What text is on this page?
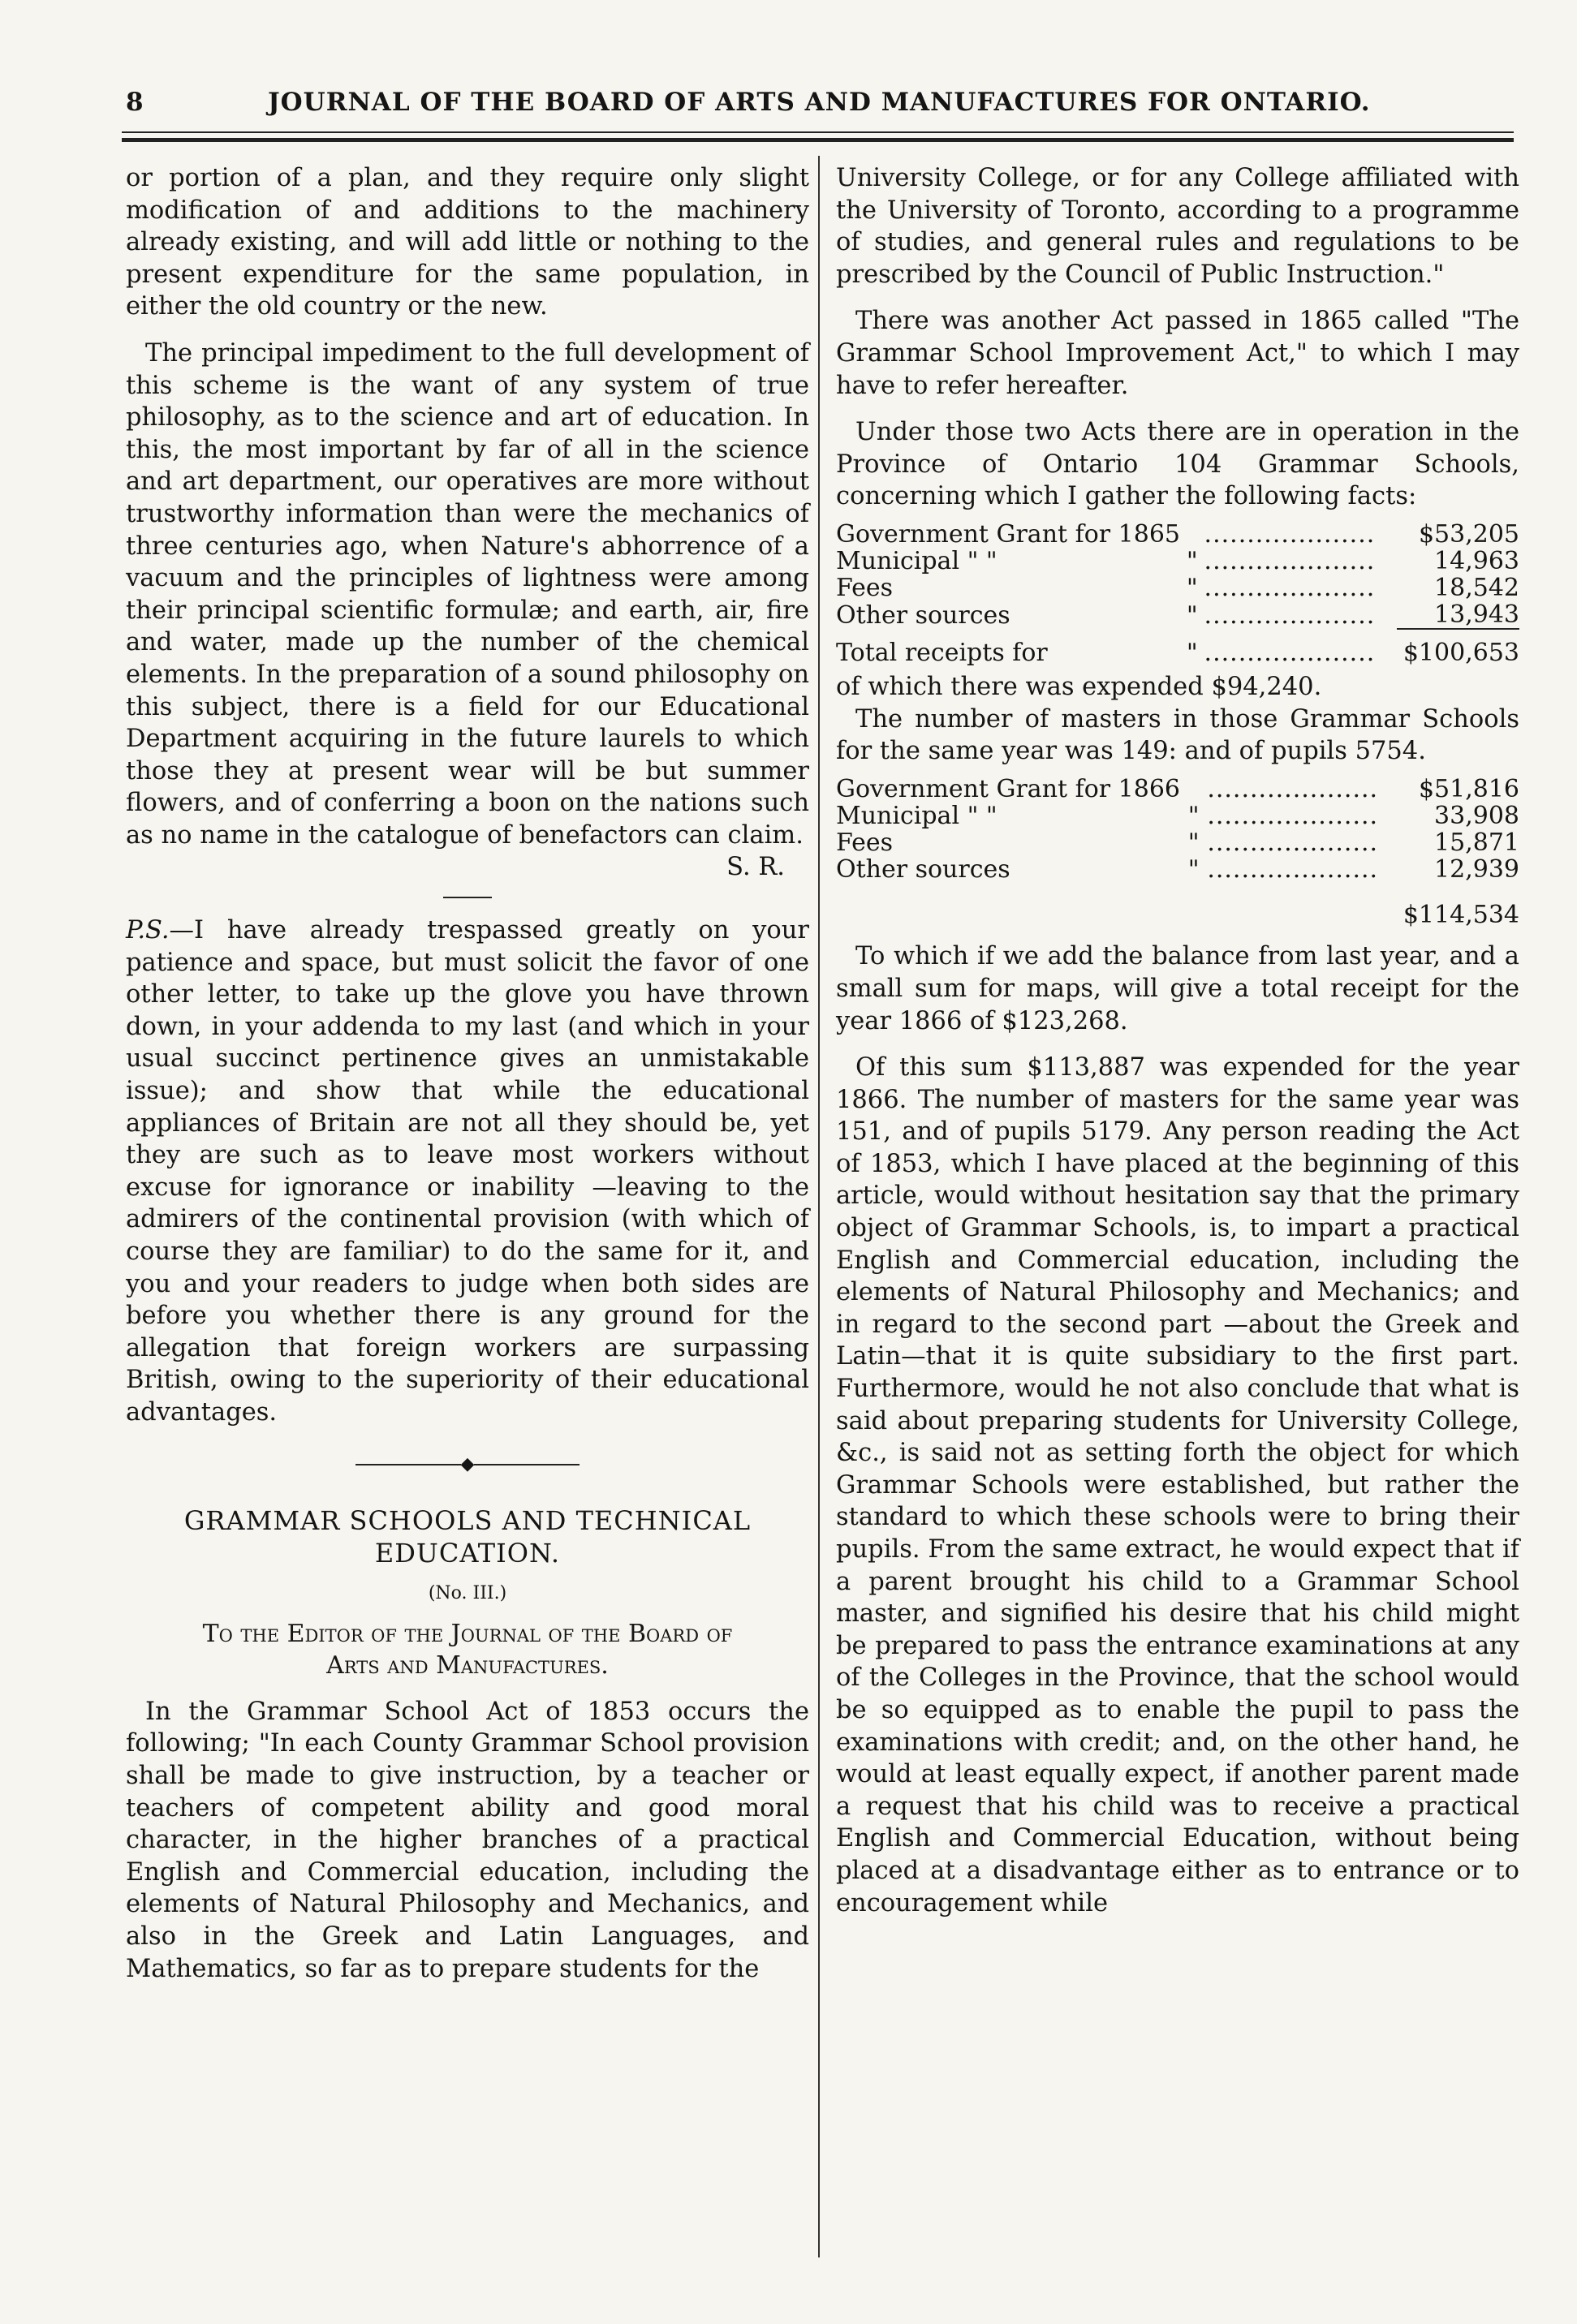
8	JOURNAL OF THE BOARD OF ARTS AND MANUFACTURES FOR ONTARIO.

or portion of a plan, and they require only slight modification of and additions to the machinery already existing, and will add little or nothing to the present expenditure for the same population, in either the old country or the new.

The principal impediment to the full development of this scheme is the want of any system of true philosophy, as to the science and art of education. In this, the most important by far of all in the science and art department, our operatives are more without trustworthy information than were the mechanics of three centuries ago, when Nature's abhorrence of a vacuum and the principles of lightness were among their principal scientific formulæ; and earth, air, fire and water, made up the number of the chemical elements. In the preparation of a sound philosophy on this subject, there is a field for our Educational Department acquiring in the future laurels to which those they at present wear will be but summer flowers, and of conferring a boon on the nations such as no name in the catalogue of benefactors can claim.

S. R.

P.S.—I have already trespassed greatly on your patience and space, but must solicit the favor of one other letter, to take up the glove you have thrown down, in your addenda to my last (and which in your usual succinct pertinence gives an unmistakable issue); and show that while the educational appliances of Britain are not all they should be, yet they are such as to leave most workers without excuse for ignorance or inability —leaving to the admirers of the continental provision (with which of course they are familiar) to do the same for it, and you and your readers to judge when both sides are before you whether there is any ground for the allegation that foreign workers are surpassing British, owing to the superiority of their educational advantages.

◆
GRAMMAR SCHOOLS AND TECHNICAL
EDUCATION.
(No. III.)
To the Editor of the Journal of the Board of
Arts and Manufactures.

In the Grammar School Act of 1853 occurs the following; "In each County Grammar School provision shall be made to give instruction, by a teacher or teachers of competent ability and good moral character, in the higher branches of a practical English and Commercial education, including the elements of Natural Philosophy and Mechanics, and also in the Greek and Latin Languages, and Mathematics, so far as to prepare students for the

University College, or for any College affiliated with the University of Toronto, according to a programme of studies, and general rules and regulations to be prescribed by the Council of Public Instruction."

There was another Act passed in 1865 called "The Grammar School Improvement Act," to which I may have to refer hereafter.

Under those two Acts there are in operation in the Province of Ontario 104 Grammar Schools, concerning which I gather the following facts:

Government Grant for 1865		....................	$53,205
Municipal " "	"	....................	14,963
Fees	"	....................	18,542
Other sources	"	....................	13,943
Total receipts for	"	....................	$100,653

of which there was expended $94,240.

The number of masters in those Grammar Schools for the same year was 149: and of pupils 5754.

Government Grant for 1866		....................	$51,816
Municipal " "	"	....................	33,908
Fees	"	....................	15,871
Other sources	"	....................	12,939
$114,534

To which if we add the balance from last year, and a small sum for maps, will give a total receipt for the year 1866 of $123,268.

Of this sum $113,887 was expended for the year 1866. The number of masters for the same year was 151, and of pupils 5179. Any person reading the Act of 1853, which I have placed at the beginning of this article, would without hesitation say that the primary object of Grammar Schools, is, to impart a practical English and Commercial education, including the elements of Natural Philosophy and Mechanics; and in regard to the second part —about the Greek and Latin—that it is quite subsidiary to the first part. Furthermore, would he not also conclude that what is said about preparing students for University College, &c., is said not as setting forth the object for which Grammar Schools were established, but rather the standard to which these schools were to bring their pupils. From the same extract, he would expect that if a parent brought his child to a Grammar School master, and signified his desire that his child might be prepared to pass the entrance examinations at any of the Colleges in the Province, that the school would be so equipped as to enable the pupil to pass the examinations with credit; and, on the other hand, he would at least equally expect, if another parent made a request that his child was to receive a practical English and Commercial Education, without being placed at a disadvantage either as to entrance or to encouragement while
